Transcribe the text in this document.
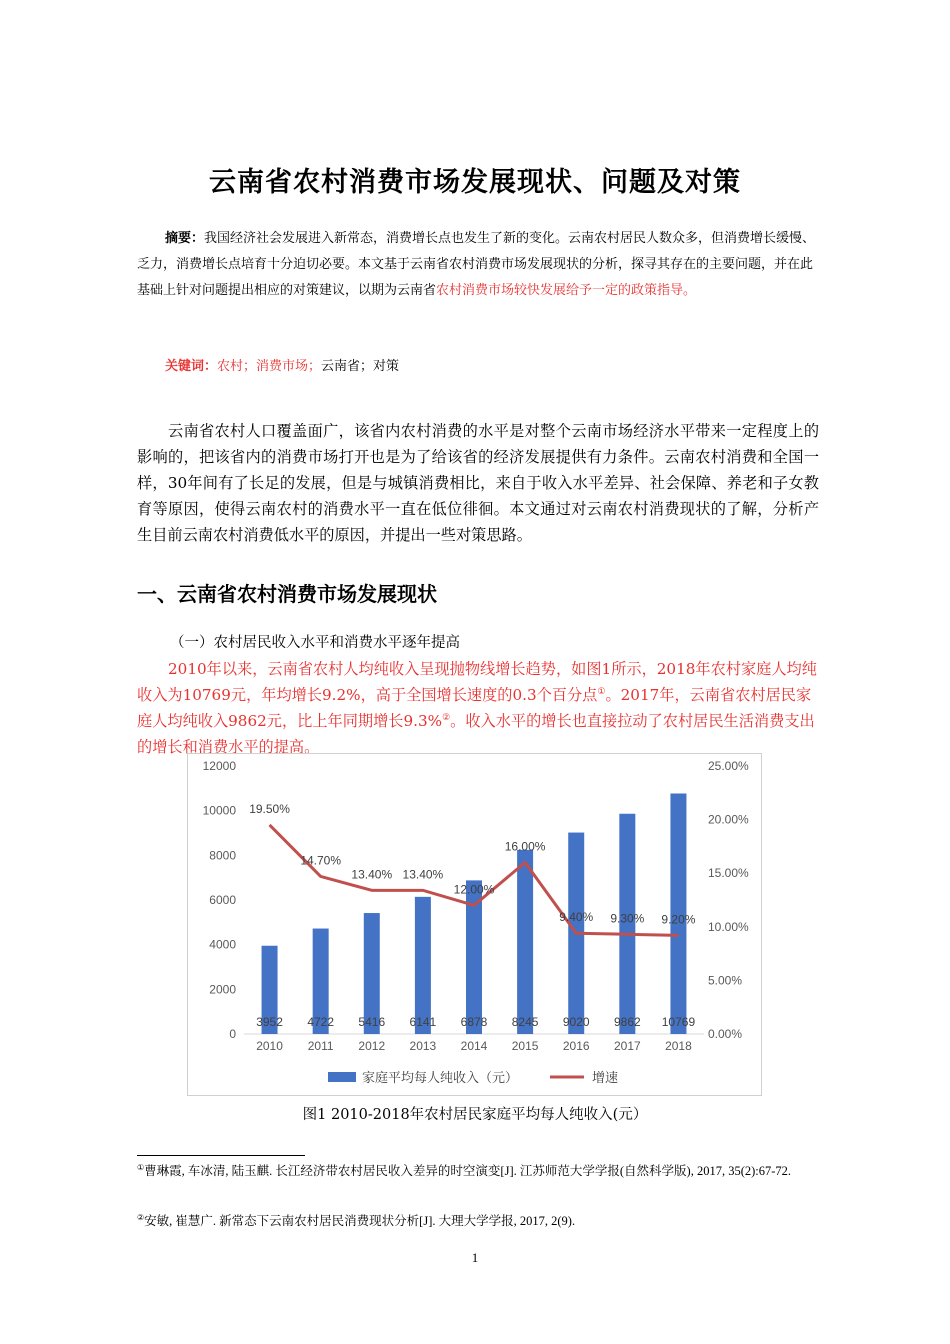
云南省农村消费市场发展现状、问题及对策
摘要：我国经济社会发展进入新常态，消费增长点也发生了新的变化。云南农村居民人数众多，但消费增长缓慢、乏力，消费增长点培育十分迫切必要。本文基于云南省农村消费市场发展现状的分析，探寻其存在的主要问题，并在此基础上针对问题提出相应的对策建议，以期为云南省农村消费市场较快发展给予一定的政策指导。
关键词：农村；消费市场；云南省；对策
云南省农村人口覆盖面广，该省内农村消费的水平是对整个云南市场经济水平带来一定程度上的影响的，把该省内的消费市场打开也是为了给该省的经济发展提供有力条件。云南农村消费和全国一样，30年间有了长足的发展，但是与城镇消费相比，来自于收入水平差异、社会保障、养老和子女教育等原因，使得云南农村的消费水平一直在低位徘徊。本文通过对云南农村消费现状的了解，分析产生目前云南农村消费低水平的原因，并提出一些对策思路。
一、云南省农村消费市场发展现状
（一）农村居民收入水平和消费水平逐年提高
2010年以来，云南省农村人均纯收入呈现抛物线增长趋势，如图1所示，2018年农村家庭人均纯收入为10769元，年均增长9.2%，高于全国增长速度的0.3个百分点①。2017年，云南省农村居民家庭人均纯收入9862元，比上年同期增长9.3%②。收入水平的增长也直接拉动了农村居民生活消费支出的增长和消费水平的提高。
12000
10000
8000
6000
4000
2000
0
25.00%
20.00%
15.00%
10.00%
5.00%
0.00%
2010 2011 2012 2013 2014 2015 2016 2017 2018
3952 4722 5416 6141 6878 8245 9020 9862 10769
19.50%
14.70%
13.40% 13.40%
12.00%
16.00%
9.40% 9.30% 9.20%
家庭平均每人纯收入（元）	增速
图1 2010-2018年农村居民家庭平均每人纯收入(元）
①曹琳霞, 车冰清, 陆玉麒. 长江经济带农村居民收入差异的时空演变[J]. 江苏师范大学学报(自然科学版), 2017, 35(2):67-72.
②安敏, 崔慧广. 新常态下云南农村居民消费现状分析[J]. 大理大学学报, 2017, 2(9).
1
